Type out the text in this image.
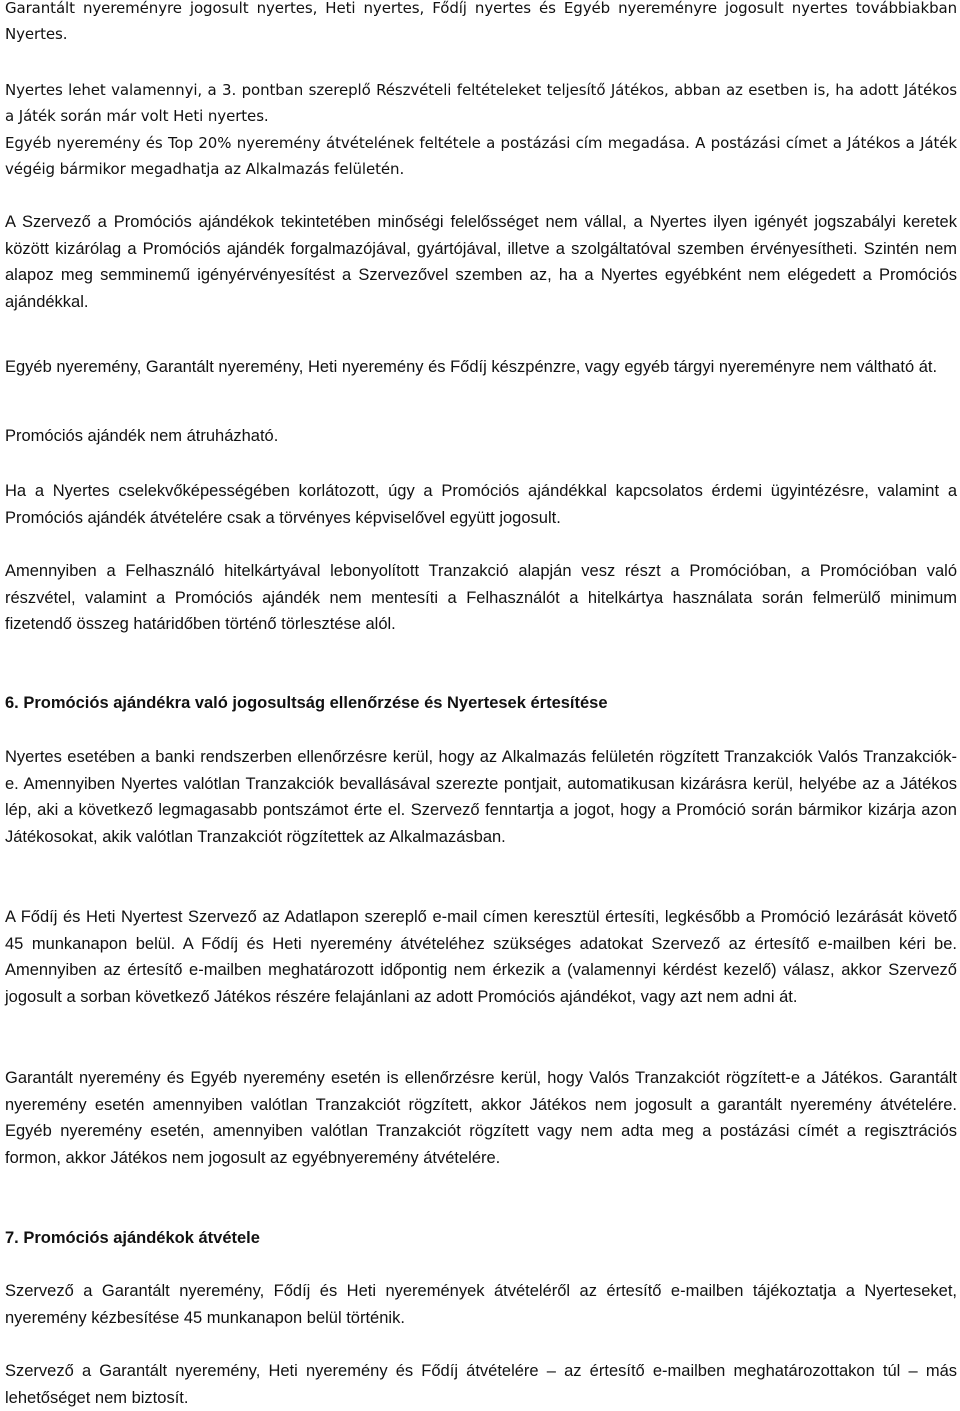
Garantált nyereményre jogosult nyertes, Heti nyertes, Fődíj nyertes és Egyéb nyereményre jogosult nyertes továbbiakban Nyertes.

Nyertes lehet valamennyi, a 3. pontban szereplő Részvételi feltételeket teljesítő Játékos, abban az esetben is, ha adott Játékos a Játék során már volt Heti nyertes.

Egyéb nyeremény és Top 20% nyeremény átvételének feltétele a postázási cím megadása. A postázási címet a Játékos a Játék végéig bármikor megadhatja az Alkalmazás felületén.

A Szervező a Promóciós ajándékok tekintetében minőségi felelősséget nem vállal, a Nyertes ilyen igényét jogszabályi keretek között kizárólag a Promóciós ajándék forgalmazójával, gyártójával, illetve a szolgáltatóval szemben érvényesítheti. Szintén nem alapoz meg semminemű igényérvényesítést a Szervezővel szemben az, ha a Nyertes egyébként nem elégedett a Promóciós ajándékkal.

Egyéb nyeremény, Garantált nyeremény, Heti nyeremény és Fődíj készpénzre, vagy egyéb tárgyi nyereményre nem váltható át.

Promóciós ajándék nem átruházható.

Ha a Nyertes cselekvőképességében korlátozott, úgy a Promóciós ajándékkal kapcsolatos érdemi ügyintézésre, valamint a Promóciós ajándék átvételére csak a törvényes képviselővel együtt jogosult.

Amennyiben a Felhasználó hitelkártyával lebonyolított Tranzakció alapján vesz részt a Promócióban, a Promócióban való részvétel, valamint a Promóciós ajándék nem mentesíti a Felhasználót a hitelkártya használata során felmerülő minimum fizetendő összeg határidőben történő törlesztése alól.

6. Promóciós ajándékra való jogosultság ellenőrzése és Nyertesek értesítése

Nyertes esetében a banki rendszerben ellenőrzésre kerül, hogy az Alkalmazás felületén rögzített Tranzakciók Valós Tranzakciók-e. Amennyiben Nyertes valótlan Tranzakciók bevallásával szerezte pontjait, automatikusan kizárásra kerül, helyébe az a Játékos lép, aki a következő legmagasabb pontszámot érte el. Szervező fenntartja a jogot, hogy a Promóció során bármikor kizárja azon Játékosokat, akik valótlan Tranzakciót rögzítettek az Alkalmazásban.

A Fődíj és Heti Nyertest Szervező az Adatlapon szereplő e-mail címen keresztül értesíti, legkésőbb a Promóció lezárását követő 45 munkanapon belül. A Fődíj és Heti nyeremény átvételéhez szükséges adatokat Szervező az értesítő e-mailben kéri be. Amennyiben az értesítő e-mailben meghatározott időpontig nem érkezik a (valamennyi kérdést kezelő) válasz, akkor Szervező jogosult a sorban következő Játékos részére felajánlani az adott Promóciós ajándékot, vagy azt nem adni át.

Garantált nyeremény és Egyéb nyeremény esetén is ellenőrzésre kerül, hogy Valós Tranzakciót rögzített-e a Játékos. Garantált nyeremény esetén amennyiben valótlan Tranzakciót rögzített, akkor Játékos nem jogosult a garantált nyeremény átvételére. Egyéb nyeremény esetén, amennyiben valótlan Tranzakciót rögzített vagy nem adta meg a postázási címét a regisztrációs formon, akkor Játékos nem jogosult az egyébnyeremény átvételére.

7. Promóciós ajándékok átvétele

Szervező a Garantált nyeremény, Fődíj és Heti nyeremények átvételéről az értesítő e-mailben tájékoztatja a Nyerteseket, nyeremény kézbesítése 45 munkanapon belül történik.

Szervező a Garantált nyeremény, Heti nyeremény és Fődíj átvételére – az értesítő e-mailben meghatározottakon túl – más lehetőséget nem biztosít.
